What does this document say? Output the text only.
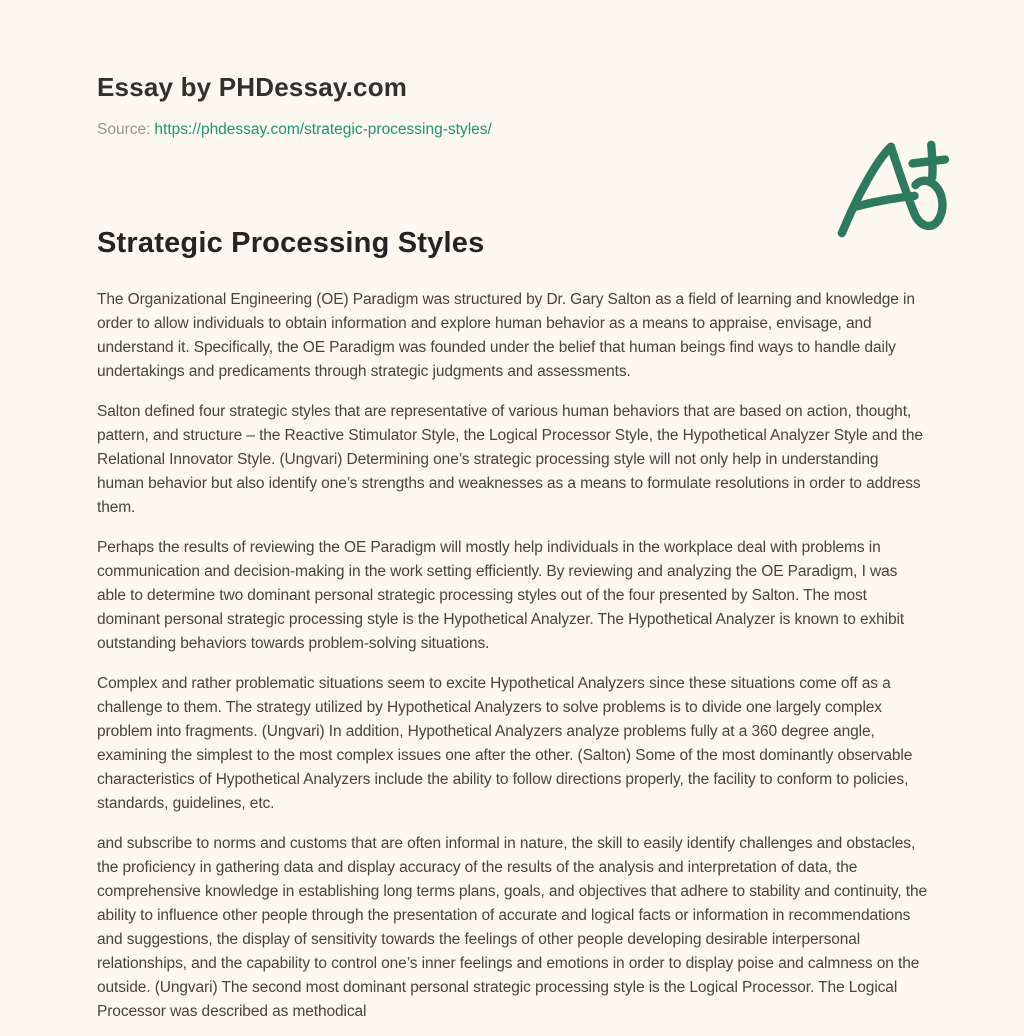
Essay by PHDessay.com
Source: https://phdessay.com/strategic-processing-styles/
Strategic Processing Styles

The Organizational Engineering (OE) Paradigm was structured by Dr. Gary Salton as a field of learning and knowledge in order to allow individuals to obtain information and explore human behavior as a means to appraise, envisage, and understand it. Specifically, the OE Paradigm was founded under the belief that human beings find ways to handle daily undertakings and predicaments through strategic judgments and assessments.

Salton defined four strategic styles that are representative of various human behaviors that are based on action, thought, pattern, and structure – the Reactive Stimulator Style, the Logical Processor Style, the Hypothetical Analyzer Style and the Relational Innovator Style. (Ungvari) Determining one’s strategic processing style will not only help in understanding human behavior but also identify one’s strengths and weaknesses as a means to formulate resolutions in order to address them.

Perhaps the results of reviewing the OE Paradigm will mostly help individuals in the workplace deal with problems in communication and decision-making in the work setting efficiently. By reviewing and analyzing the OE Paradigm, I was able to determine two dominant personal strategic processing styles out of the four presented by Salton. The most dominant personal strategic processing style is the Hypothetical Analyzer. The Hypothetical Analyzer is known to exhibit outstanding behaviors towards problem-solving situations.

Complex and rather problematic situations seem to excite Hypothetical Analyzers since these situations come off as a challenge to them. The strategy utilized by Hypothetical Analyzers to solve problems is to divide one largely complex problem into fragments. (Ungvari) In addition, Hypothetical Analyzers analyze problems fully at a 360 degree angle, examining the simplest to the most complex issues one after the other. (Salton) Some of the most dominantly observable characteristics of Hypothetical Analyzers include the ability to follow directions properly, the facility to conform to policies, standards, guidelines, etc.

and subscribe to norms and customs that are often informal in nature, the skill to easily identify challenges and obstacles, the proficiency in gathering data and display accuracy of the results of the analysis and interpretation of data, the comprehensive knowledge in establishing long terms plans, goals, and objectives that adhere to stability and continuity, the ability to influence other people through the presentation of accurate and logical facts or information in recommendations and suggestions, the display of sensitivity towards the feelings of other people developing desirable interpersonal relationships, and the capability to control one’s inner feelings and emotions in order to display poise and calmness on the outside. (Ungvari) The second most dominant personal strategic processing style is the Logical Processor. The Logical Processor was described as methodical
